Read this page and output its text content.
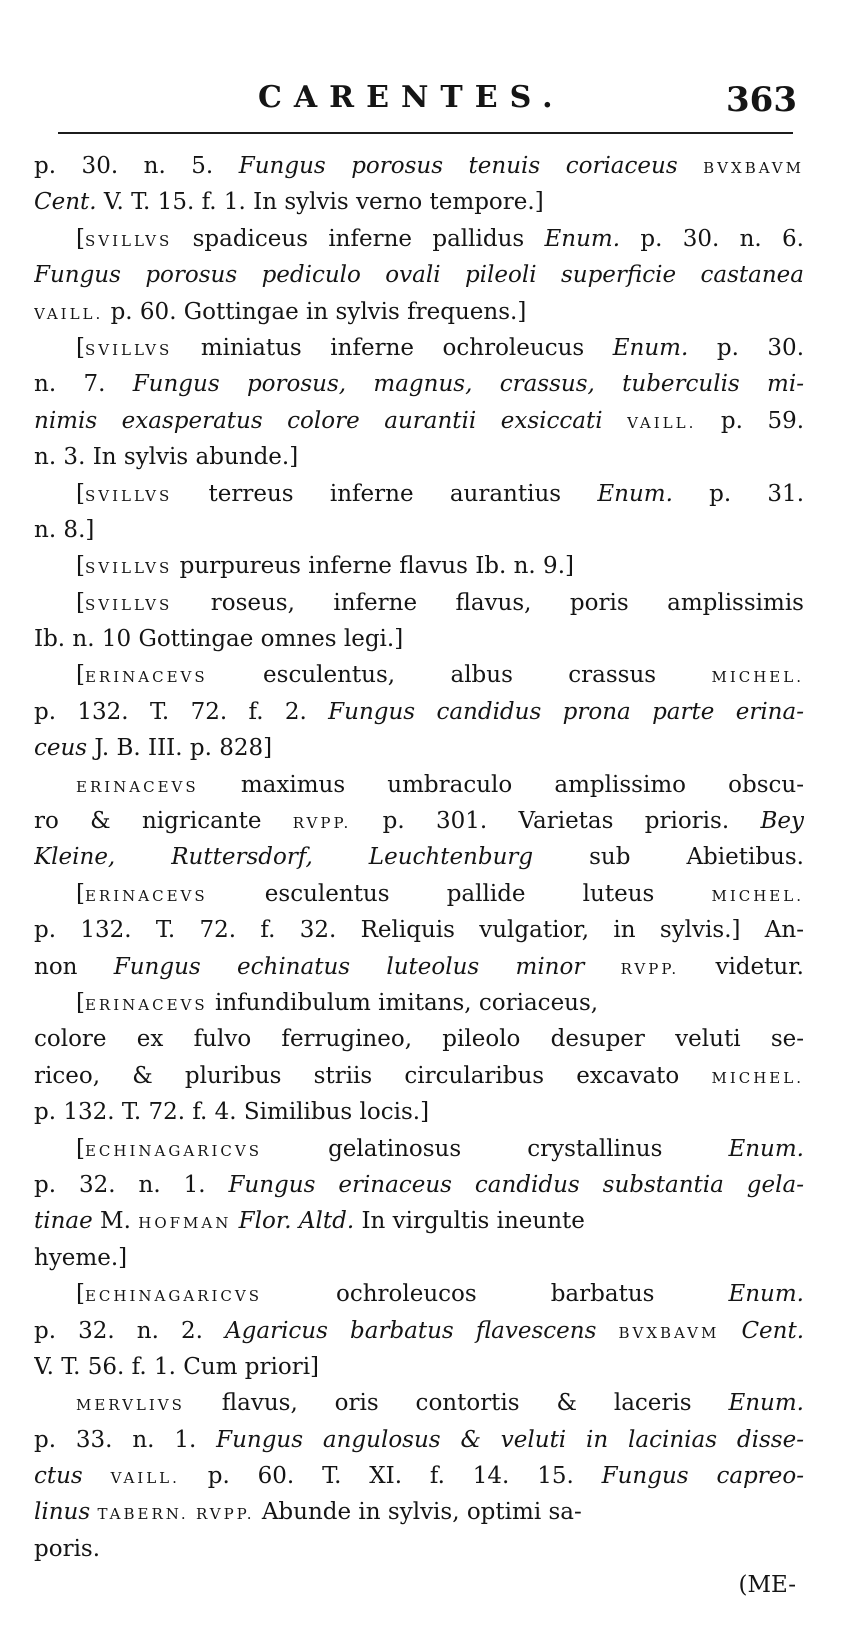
CARENTES.	363
p. 30. n. 5. Fungus porosus tenuis coriaceus BVXBAVM
Cent. V. T. 15. f. 1. In sylvis verno tempore.]
[SVILLVS spadiceus inferne pallidus Enum. p. 30. n. 6.
Fungus porosus pediculo ovali pileoli superficie castanea
VAILL. p. 60. Gottingae in sylvis frequens.]
[SVILLVS miniatus inferne ochroleucus Enum. p. 30.
n. 7. Fungus porosus, magnus, crassus, tuberculis mi-
nimis exasperatus colore aurantii exsiccati VAILL. p. 59.
n. 3. In sylvis abunde.]
[SVILLVS terreus inferne aurantius Enum. p. 31.
n. 8.]
[SVILLVS purpureus inferne flavus Ib. n. 9.]
[SVILLVS roseus, inferne flavus, poris amplissimis
Ib. n. 10 Gottingae omnes legi.]
[ERINACEVS esculentus, albus crassus MICHEL.
p. 132. T. 72. f. 2. Fungus candidus prona parte erina-
ceus J. B. III. p. 828]
ERINACEVS maximus umbraculo amplissimo obscu-
ro & nigricante RVPP. p. 301. Varietas prioris. Bey
Kleine, Ruttersdorf, Leuchtenburg sub Abietibus.
[ERINACEVS esculentus pallide luteus MICHEL.
p. 132. T. 72. f. 32. Reliquis vulgatior, in sylvis.] An-
non Fungus echinatus luteolus minor RVPP. videtur.
[ERINACEVS infundibulum imitans, coriaceus,
colore ex fulvo ferrugineo, pileolo desuper veluti se-
riceo, & pluribus striis circularibus excavato MICHEL.
p. 132. T. 72. f. 4. Similibus locis.]
[ECHINAGARICVS gelatinosus crystallinus Enum.
p. 32. n. 1. Fungus erinaceus candidus substantia gela-
tinae M. HOFMAN Flor. Altd. In virgultis ineunte
hyeme.]
[ECHINAGARICVS ochroleucos barbatus Enum.
p. 32. n. 2. Agaricus barbatus flavescens BVXBAVM Cent.
V. T. 56. f. 1. Cum priori]
MERVLIVS flavus, oris contortis & laceris Enum.
p. 33. n. 1. Fungus angulosus & veluti in lacinias disse-
ctus VAILL. p. 60. T. XI. f. 14. 15. Fungus capreo-
linus TABERN. RVPP. Abunde in sylvis, optimi sa-
poris.
(ME-
